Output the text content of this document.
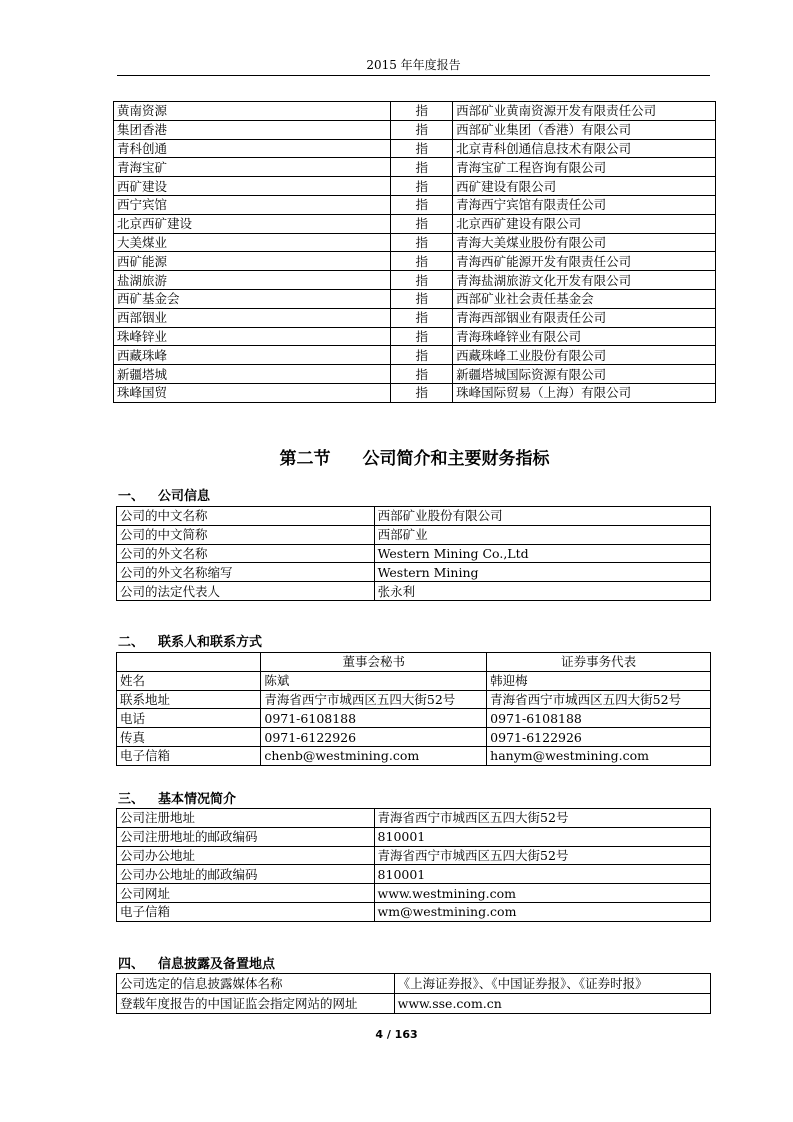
2015 年年度报告
黄南资源	指	西部矿业黄南资源开发有限责任公司
集团香港	指	西部矿业集团（香港）有限公司
青科创通	指	北京青科创通信息技术有限公司
青海宝矿	指	青海宝矿工程咨询有限公司
西矿建设	指	西矿建设有限公司
西宁宾馆	指	青海西宁宾馆有限责任公司
北京西矿建设	指	北京西矿建设有限公司
大美煤业	指	青海大美煤业股份有限公司
西矿能源	指	青海西矿能源开发有限责任公司
盐湖旅游	指	青海盐湖旅游文化开发有限公司
西矿基金会	指	西部矿业社会责任基金会
西部铟业	指	青海西部铟业有限责任公司
珠峰锌业	指	青海珠峰锌业有限公司
西藏珠峰	指	西藏珠峰工业股份有限公司
新疆塔城	指	新疆塔城国际资源有限公司
珠峰国贸	指	珠峰国际贸易（上海）有限公司
第二节 公司简介和主要财务指标
一、 公司信息
公司的中文名称	西部矿业股份有限公司
公司的中文简称	西部矿业
公司的外文名称	Western Mining Co.,Ltd
公司的外文名称缩写	Western Mining
公司的法定代表人	张永利
二、 联系人和联系方式
	董事会秘书	证券事务代表
姓名	陈斌	韩迎梅
联系地址	青海省西宁市城西区五四大街52号	青海省西宁市城西区五四大街52号
电话	0971-6108188	0971-6108188
传真	0971-6122926	0971-6122926
电子信箱	chenb@westmining.com	hanym@westmining.com
三、 基本情况简介
公司注册地址	青海省西宁市城西区五四大街52号
公司注册地址的邮政编码	810001
公司办公地址	青海省西宁市城西区五四大街52号
公司办公地址的邮政编码	810001
公司网址	www.westmining.com
电子信箱	wm@westmining.com
四、 信息披露及备置地点
公司选定的信息披露媒体名称	《上海证券报》、《中国证券报》、《证券时报》
登载年度报告的中国证监会指定网站的网址	www.sse.com.cn
4 / 163
